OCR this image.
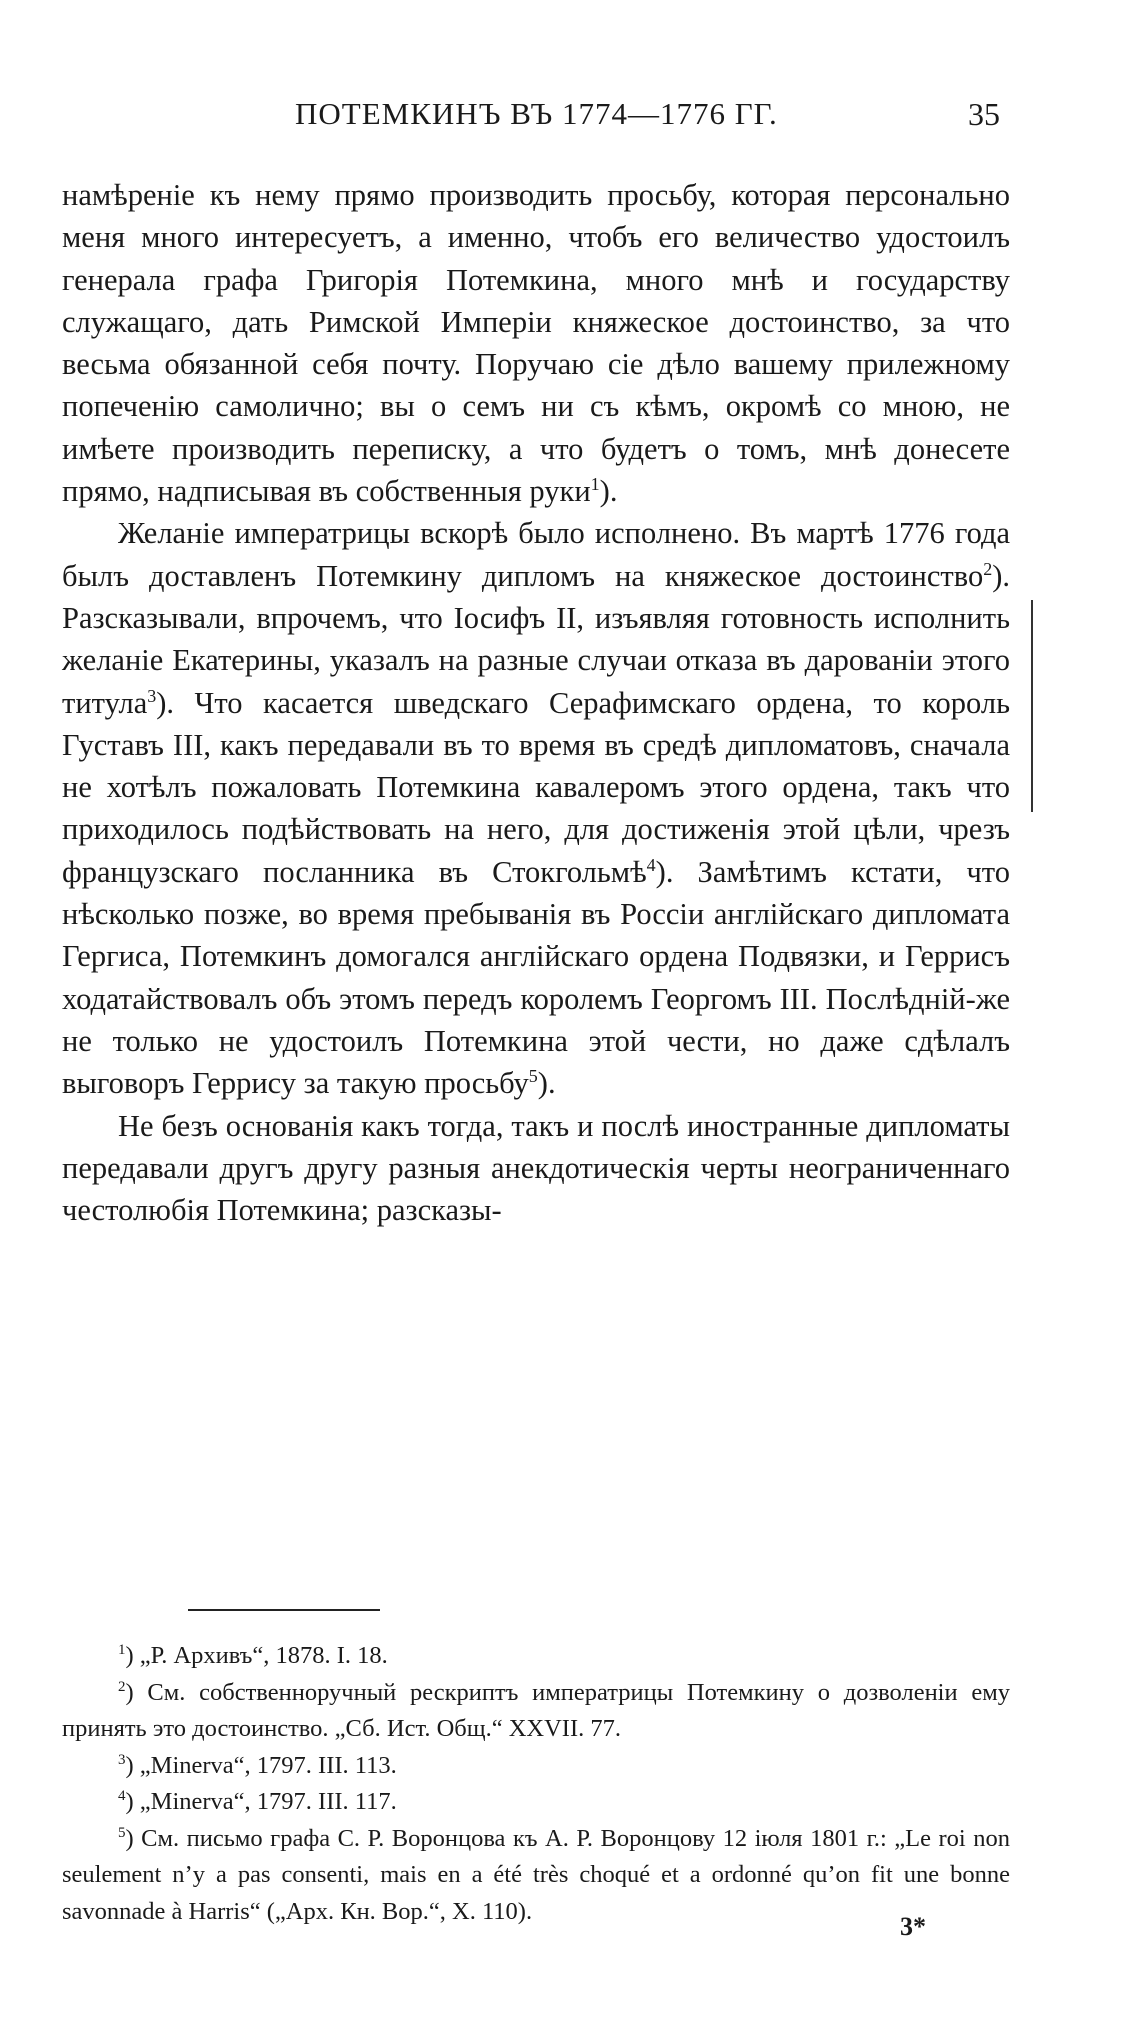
ПОТЕМКИНЪ ВЪ 1774—1776 ГГ.	35

намѣреніе къ нему прямо производить просьбу, которая персонально меня много интересуетъ, а именно, чтобъ его величество удостоилъ генерала графа Григорія Потемкина, много мнѣ и государству служащаго, дать Римской Имперіи княжеское достоинство, за что весьма обязанной себя почту. Поручаю сіе дѣло вашему прилежному попеченію самолично; вы о семъ ни съ кѣмъ, окромѣ со мною, не имѣете производить переписку, а что будетъ о томъ, мнѣ донесете прямо, надписывая въ собственныя руки$^1$).

Желаніе императрицы вскорѣ было исполнено. Въ мартѣ 1776 года былъ доставленъ Потемкину дипломъ на княжеское достоинство$^2$). Разсказывали, впрочемъ, что Іосифъ II, изъявляя готовность исполнить желаніе Екатерины, указалъ на разные случаи отказа въ дарованіи этого титула$^3$). Что касается шведскаго Серафимскаго ордена, то король Густавъ III, какъ передавали въ то время въ средѣ дипломатовъ, сначала не хотѣлъ пожаловать Потемкина кавалеромъ этого ордена, такъ что приходилось подѣйствовать на него, для достиженія этой цѣли, чрезъ французскаго посланника въ Стокгольмѣ$^4$). Замѣтимъ кстати, что нѣсколько позже, во время пребыванія въ Россіи англійскаго дипломата Гергиса, Потемкинъ домогался англійскаго ордена Подвязки, и Геррисъ ходатайствовалъ объ этомъ передъ королемъ Георгомъ III. Послѣдній-же не только не удостоилъ Потемкина этой чести, но даже сдѣлалъ выговоръ Геррису за такую просьбу$^5$).

Не безъ основанія какъ тогда, такъ и послѣ иностранные дипломаты передавали другъ другу разныя анекдотическія черты неограниченнаго честолюбія Потемкина; разсказы-

$^1$) „Р. Архивъ“, 1878. I. 18.

$^2$) См. собственноручный рескриптъ императрицы Потемкину о дозволеніи ему принять это достоинство. „Сб. Ист. Общ.“ XXVII. 77.

$^3$) „Minerva“, 1797. III. 113.

$^4$) „Minerva“, 1797. III. 117.

$^5$) См. письмо графа С. Р. Воронцова къ А. Р. Воронцову 12 іюля 1801 г.: „Le roi non seulement n’y a pas consenti, mais en a été très choqué et a ordonné qu’on fit une bonne savonnade à Harris“ („Арх. Кн. Вор.“, X. 110).

3*
